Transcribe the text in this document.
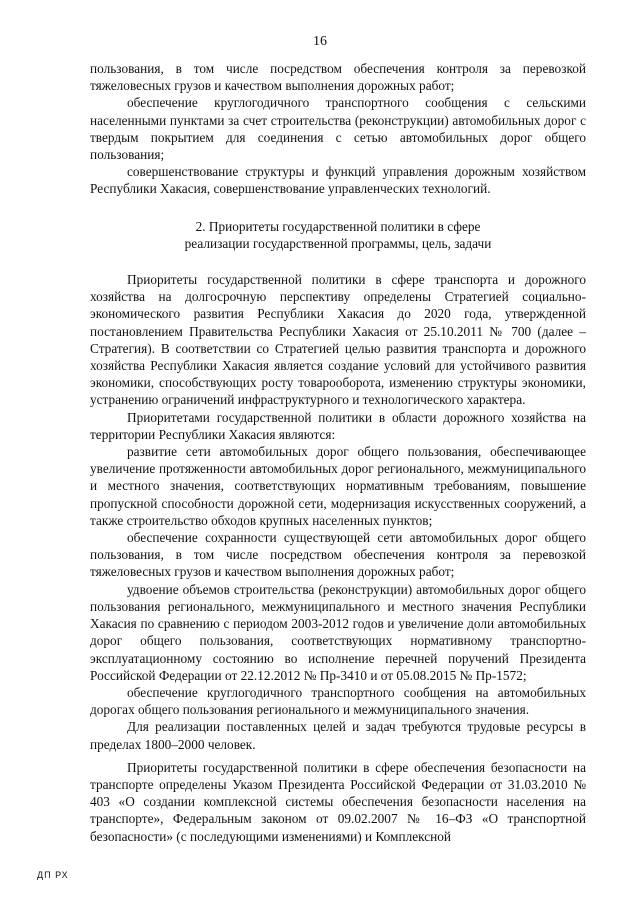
16

пользования, в том числе посредством обеспечения контроля за перевозкой тяжеловесных грузов и качеством выполнения дорожных работ;

обеспечение круглогодичного транспортного сообщения с сельскими населенными пунктами за счет строительства (реконструкции) автомобильных дорог с твердым покрытием для соединения с сетью автомобильных дорог общего пользования;

совершенствование структуры и функций управления дорожным хозяйством Республики Хакасия, совершенствование управленческих технологий.

2. Приоритеты государственной политики в сфере
реализации государственной программы, цель, задачи

Приоритеты государственной политики в сфере транспорта и дорожного хозяйства на долгосрочную перспективу определены Стратегией социально-экономического развития Республики Хакасия до 2020 года, утвержденной постановлением Правительства Республики Хакасия от 25.10.2011 № 700 (далее – Стратегия). В соответствии со Стратегией целью развития транспорта и дорожного хозяйства Республики Хакасия является создание условий для устойчивого развития экономики, способствующих росту товарооборота, изменению структуры экономики, устранению ограничений инфраструктурного и технологического характера.

Приоритетами государственной политики в области дорожного хозяйства на территории Республики Хакасия являются:

развитие сети автомобильных дорог общего пользования, обеспечивающее увеличение протяженности автомобильных дорог регионального, межмуниципального и местного значения, соответствующих нормативным требованиям, повышение пропускной способности дорожной сети, модернизация искусственных сооружений, а также строительство обходов крупных населенных пунктов;

обеспечение сохранности существующей сети автомобильных дорог общего пользования, в том числе посредством обеспечения контроля за перевозкой тяжеловесных грузов и качеством выполнения дорожных работ;

удвоение объемов строительства (реконструкции) автомобильных дорог общего пользования регионального, межмуниципального и местного значения Республики Хакасия по сравнению с периодом 2003-2012 годов и увеличение доли автомобильных дорог общего пользования, соответствующих нормативному транспортно-эксплуатационному состоянию во исполнение перечней поручений Президента Российской Федерации от 22.12.2012 № Пр-3410 и от 05.08.2015 № Пр-1572;

обеспечение круглогодичного транспортного сообщения на автомобильных дорогах общего пользования регионального и межмуниципального значения.

Для реализации поставленных целей и задач требуются трудовые ресурсы в пределах 1800–2000 человек.

Приоритеты государственной политики в сфере обеспечения безопасности на транспорте определены Указом Президента Российской Федерации от 31.03.2010 № 403 «О создании комплексной системы обеспечения безопасности населения на транспорте», Федеральным законом от 09.02.2007 № 16–ФЗ «О транспортной безопасности» (с последующими изменениями) и Комплексной

ДП РХ
